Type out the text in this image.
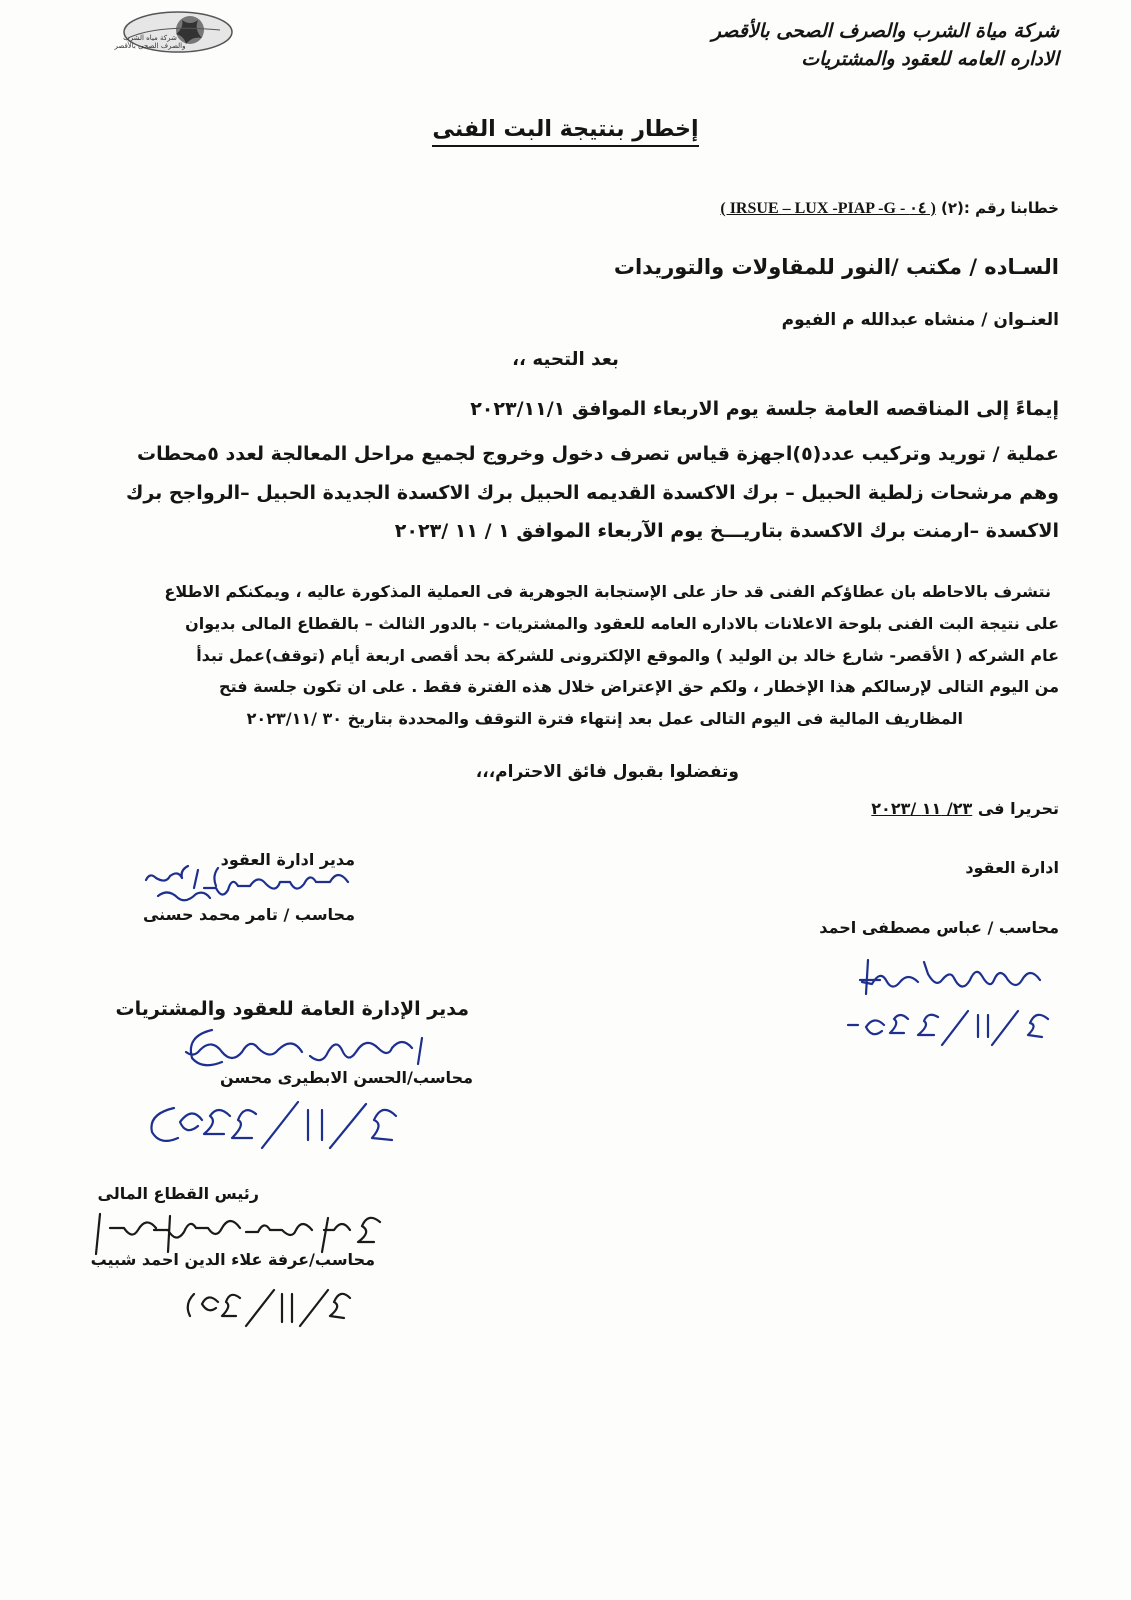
شركة مياه الشرب والصرف الصحى بالأقصر
شركة مياة الشرب والصرف الصحى بالأقصر
الاداره العامه للعقود والمشتريات
إخطار بنتيجة البت الفنى
خطابنا رقم :(٢) ( IRSUE – LUX -PIAP -G - ٠٤ )
السـاده / مكتب /النور للمقاولات والتوريدات
العنـوان / منشاه عبدالله م الفيوم
بعد التحيه ،،
إيماءً إلى المناقصه العامة جلسة يوم الاربعاء الموافق ٢٠٢٣/١١/١
عملية / توريد وتركيب عدد(٥)اجهزة قياس تصرف دخول وخروج لجميع مراحل المعالجة لعدد ٥محطات
وهم مرشحات زلطية الحبيل – برك الاكسدة القديمه الحبيل برك الاكسدة الجديدة الحبيل –الرواجح برك
الاكسدة –ارمنت برك الاكسدة بتاريـــخ يوم الآربعاء الموافق ١ / ١١ /٢٠٢٣
نتشرف بالاحاطه بان عطاؤكم الفنى قد حاز على الإستجابة الجوهرية فى العملية المذكورة عاليه ، ويمكنكم الاطلاع
على نتيجة البت الفنى بلوحة الاعلانات بالاداره العامه للعقود والمشتريات - بالدور الثالث – بالقطاع المالى بديوان
عام الشركه ( الأقصر- شارع خالد بن الوليد ) والموقع الإلكترونى للشركة بحد أقصى اربعة أيام (توقف)عمل تبدأ
من اليوم التالى لإرسالكم هذا الإخطار ، ولكم حق الإعتراض خلال هذه الفترة فقط . على ان تكون جلسة فتح
المظاريف المالية فى اليوم التالى عمل بعد إنتهاء فترة التوقف والمحددة بتاريخ ٣٠ /٢٠٢٣/١١
وتفضلوا بقبول فائق الاحترام،،،
تحريرا فى ٢٣/ ١١ /٢٠٢٣
ادارة العقود
محاسب / عباس مصطفى احمد
مدير ادارة العقود
محاسب / تامر محمد حسنى
مدير الإدارة العامة للعقود والمشتريات
محاسب/الحسن الابطيرى محسن
رئيس القطاع المالى
محاسب/عرفة علاء الدين احمد شبيب
